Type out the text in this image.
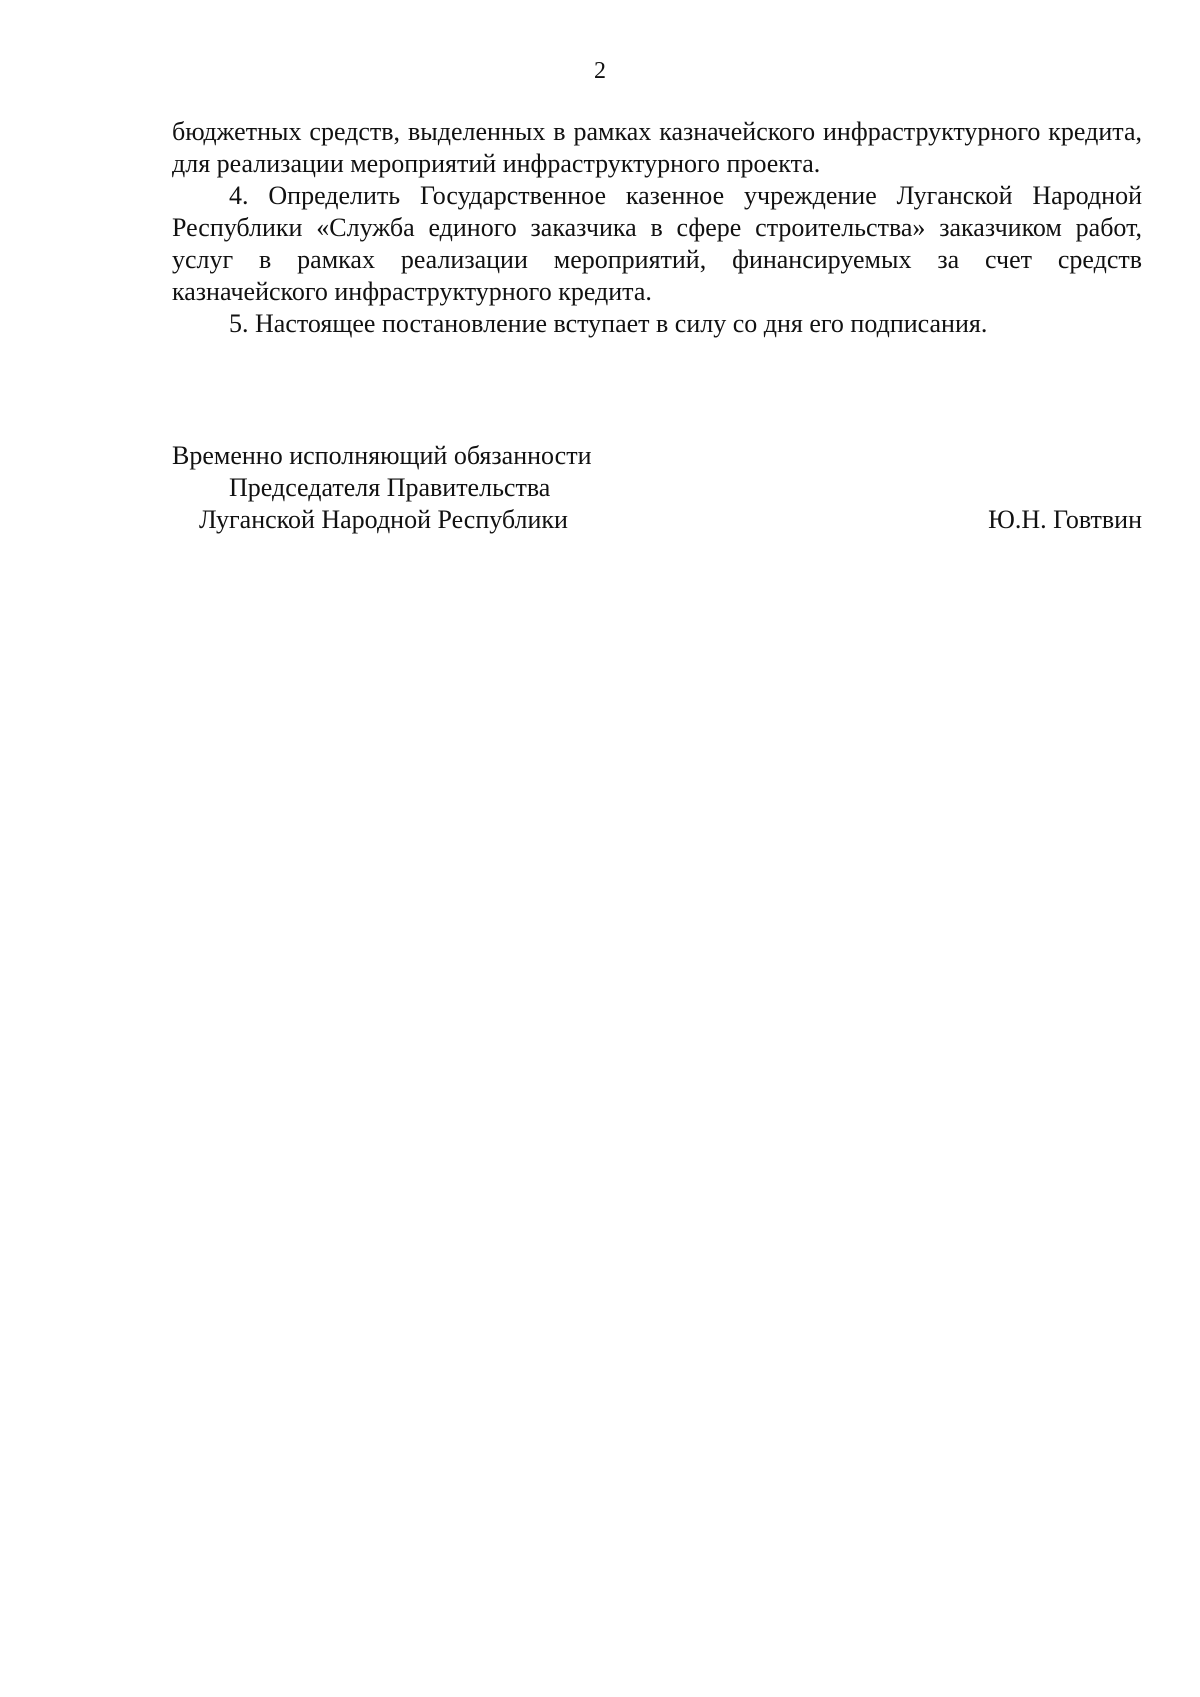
2

бюджетных средств, выделенных в рамках казначейского инфраструктурного кредита, для реализации мероприятий инфраструктурного проекта.

4. Определить Государственное казенное учреждение Луганской Народной Республики «Служба единого заказчика в сфере строительства» заказчиком работ, услуг в рамках реализации мероприятий, финансируемых за счет средств казначейского инфраструктурного кредита.

5. Настоящее постановление вступает в силу со дня его подписания.

Временно исполняющий обязанности
Председателя Правительства
Луганской Народной Республики	Ю.Н. Говтвин
